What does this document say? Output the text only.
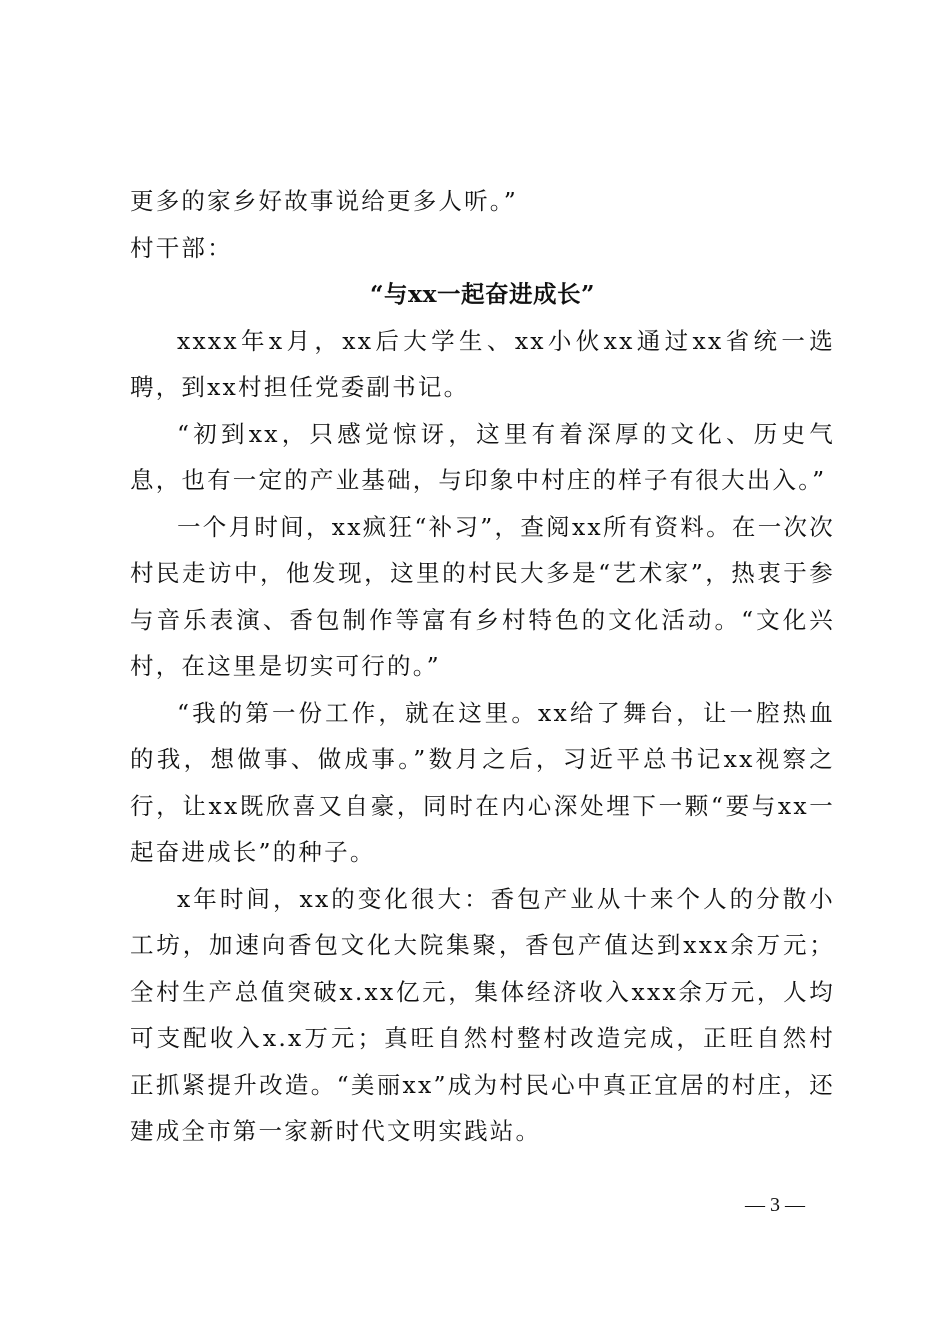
更多的家乡好故事说给更多人听。”

村干部：

“与xx一起奋进成长”

xxxx年x月，xx后大学生、xx小伙xx通过xx省统一选聘，到xx村担任党委副书记。

“初到xx，只感觉惊讶，这里有着深厚的文化、历史气息，也有一定的产业基础，与印象中村庄的样子有很大出入。”

一个月时间，xx疯狂“补习”，查阅xx所有资料。在一次次村民走访中，他发现，这里的村民大多是“艺术家”，热衷于参与音乐表演、香包制作等富有乡村特色的文化活动。“文化兴村，在这里是切实可行的。”

“我的第一份工作，就在这里。xx给了舞台，让一腔热血的我，想做事、做成事。”数月之后，习近平总书记xx视察之行，让xx既欣喜又自豪，同时在内心深处埋下一颗“要与xx一起奋进成长”的种子。

x年时间，xx的变化很大：香包产业从十来个人的分散小工坊，加速向香包文化大院集聚，香包产值达到xxx余万元；全村生产总值突破x.xx亿元，集体经济收入xxx余万元，人均可支配收入x.x万元；真旺自然村整村改造完成，正旺自然村正抓紧提升改造。“美丽xx”成为村民心中真正宜居的村庄，还建成全市第一家新时代文明实践站。

— 3 —
